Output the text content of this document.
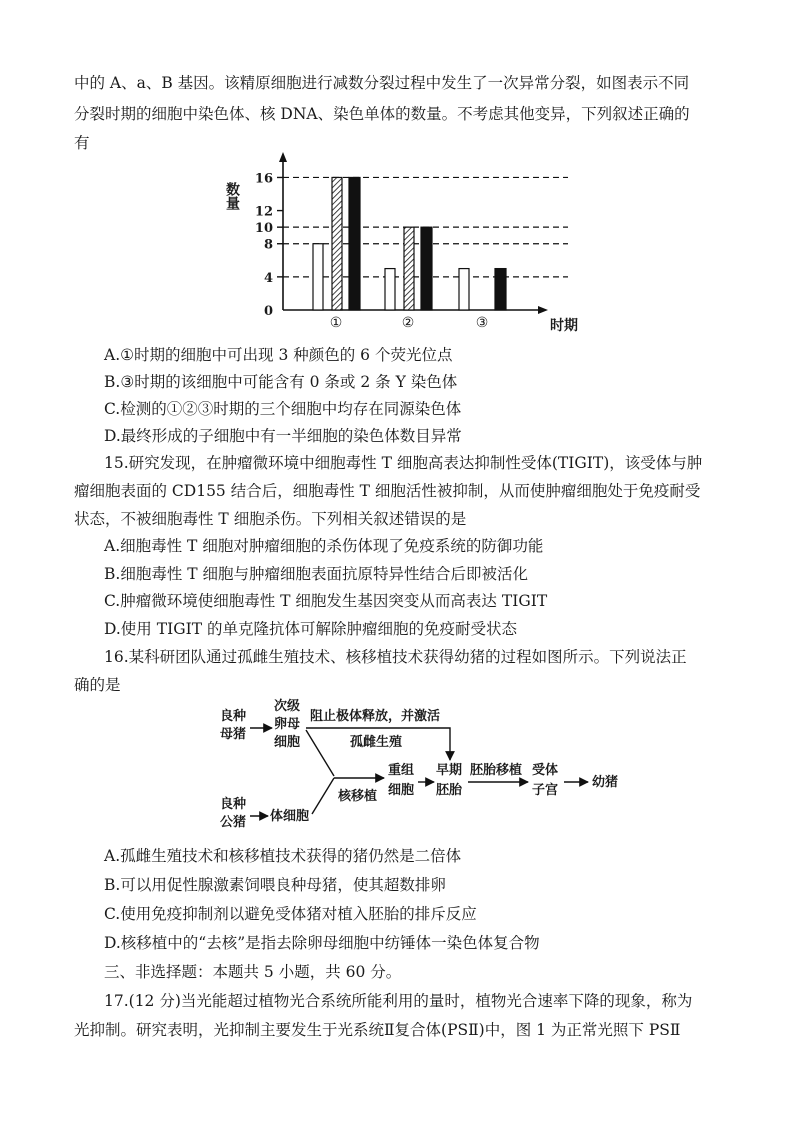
中的 A、a、B 基因。该精原细胞进行减数分裂过程中发生了一次异常分裂，如图表示不同
分裂时期的细胞中染色体、核 DNA、染色单体的数量。不考虑其他变异，下列叙述正确的
有
0
4
8
10
12
16
①	②	③
数量
时期
A.①时期的细胞中可出现 3 种颜色的 6 个荧光位点
B.③时期的该细胞中可能含有 0 条或 2 条 Y 染色体
C.检测的①②③时期的三个细胞中均存在同源染色体
D.最终形成的子细胞中有一半细胞的染色体数目异常
15.研究发现，在肿瘤微环境中细胞毒性 T 细胞高表达抑制性受体(TIGIT)，该受体与肿
瘤细胞表面的 CD155 结合后，细胞毒性 T 细胞活性被抑制，从而使肿瘤细胞处于免疫耐受
状态，不被细胞毒性 T 细胞杀伤。下列相关叙述错误的是
A.细胞毒性 T 细胞对肿瘤细胞的杀伤体现了免疫系统的防御功能
B.细胞毒性 T 细胞与肿瘤细胞表面抗原特异性结合后即被活化
C.肿瘤微环境使细胞毒性 T 细胞发生基因突变从而高表达 TIGIT
D.使用 TIGIT 的单克隆抗体可解除肿瘤细胞的免疫耐受状态
16.某科研团队通过孤雌生殖技术、核移植技术获得幼猪的过程如图所示。下列说法正
确的是
良种
母猪
次级
卵母
细胞
阻止极体释放，并激活
孤雌生殖
良种
公猪 体细胞
核移植
重组
细胞
早期
胚胎
胚胎移植 受体
子宫
幼猪
A.孤雌生殖技术和核移植技术获得的猪仍然是二倍体
B.可以用促性腺激素饲喂良种母猪，使其超数排卵
C.使用免疫抑制剂以避免受体猪对植入胚胎的排斥反应
D.核移植中的“去核”是指去除卵母细胞中纺锤体一染色体复合物
三、非选择题：本题共 5 小题，共 60 分。
17.(12 分)当光能超过植物光合系统所能利用的量时，植物光合速率下降的现象，称为
光抑制。研究表明，光抑制主要发生于光系统Ⅱ复合体(PSⅡ)中，图 1 为正常光照下 PSⅡ
